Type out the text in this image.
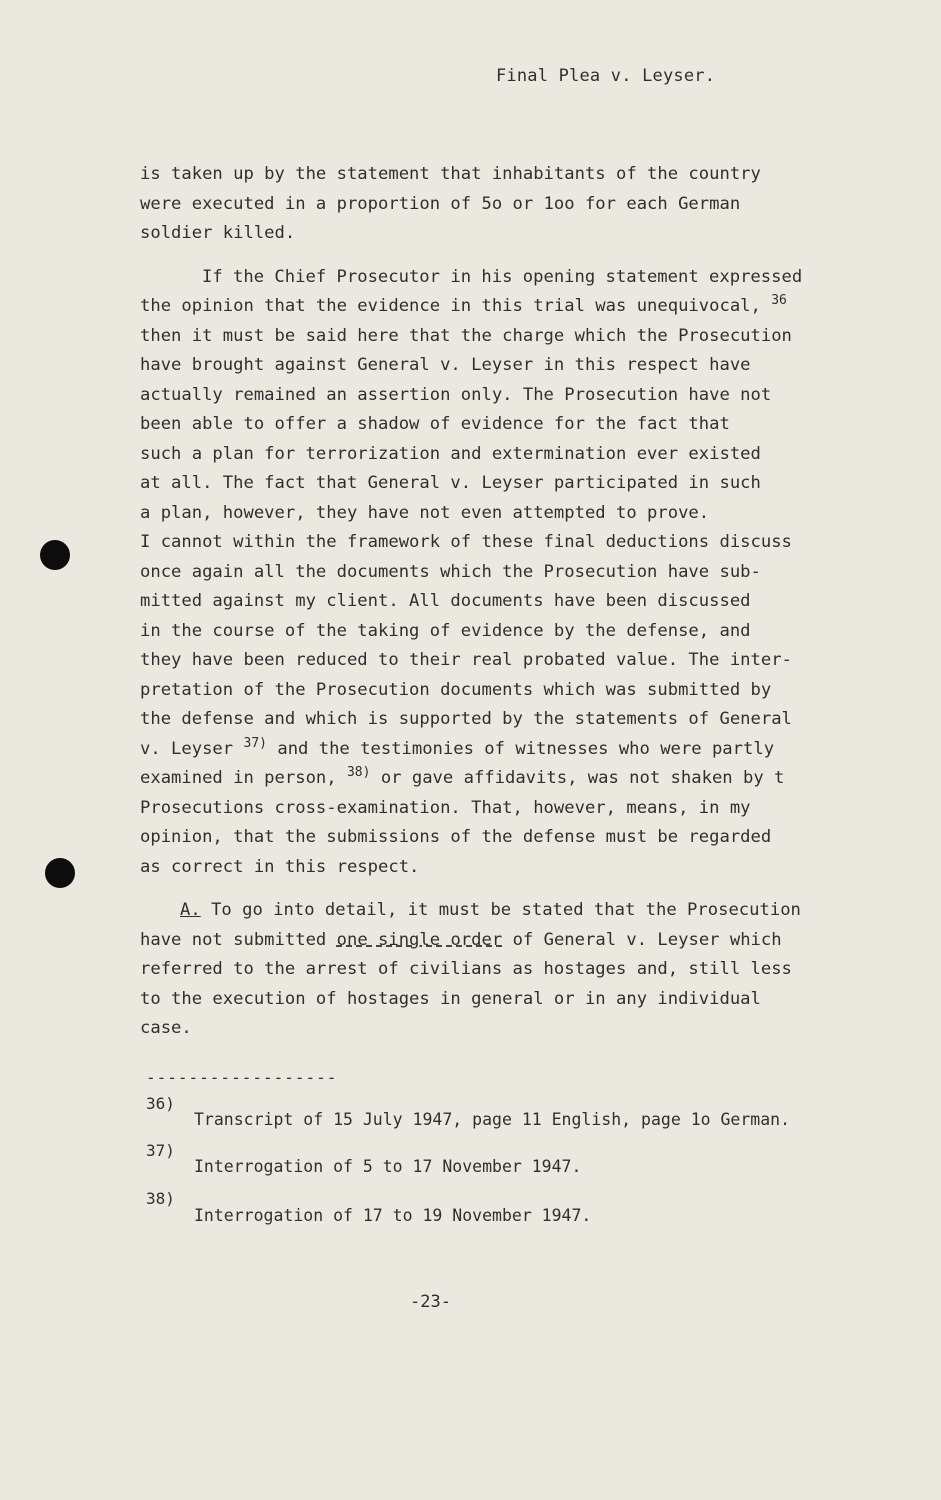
Final Plea v. Leyser.
is taken up by the statement that inhabitants of the country
were executed in a proportion of 5o or 1oo for each German
soldier killed.
If the Chief Prosecutor in his opening statement expressed
the opinion that the evidence in this trial was unequivocal, $^{36}$
then it must be said here that the charge which the Prosecution
have brought against General v. Leyser in this respect have
actually remained an assertion only. The Prosecution have not
been able to offer a shadow of evidence for the fact that
such a plan for terrorization and extermination ever existed
at all. The fact that General v. Leyser participated in such
a plan, however, they have not even attempted to prove.
I cannot within the framework of these final deductions discuss
once again all the documents which the Prosecution have sub-
mitted against my client. All documents have been discussed
in the course of the taking of evidence by the defense, and
they have been reduced to their real probated value. The inter-
pretation of the Prosecution documents which was submitted by
the defense and which is supported by the statements of General
v. Leyser $^{37)}$ and the testimonies of witnesses who were partly
examined in person, $^{38)}$ or gave affidavits, was not shaken by t
Prosecutions cross-examination. That, however, means, in my
opinion, that the submissions of the defense must be regarded
as correct in this respect.
A. To go into detail, it must be stated that the Prosecution
have not submitted one single order of General v. Leyser which
referred to the arrest of civilians as hostages and, still less
to the execution of hostages in general or in any individual
case.
------------------
36)
Transcript of 15 July 1947, page 11 English, page 1o German.
37)
Interrogation of 5 to 17 November 1947.
38)
Interrogation of 17 to 19 November 1947.
-23-
